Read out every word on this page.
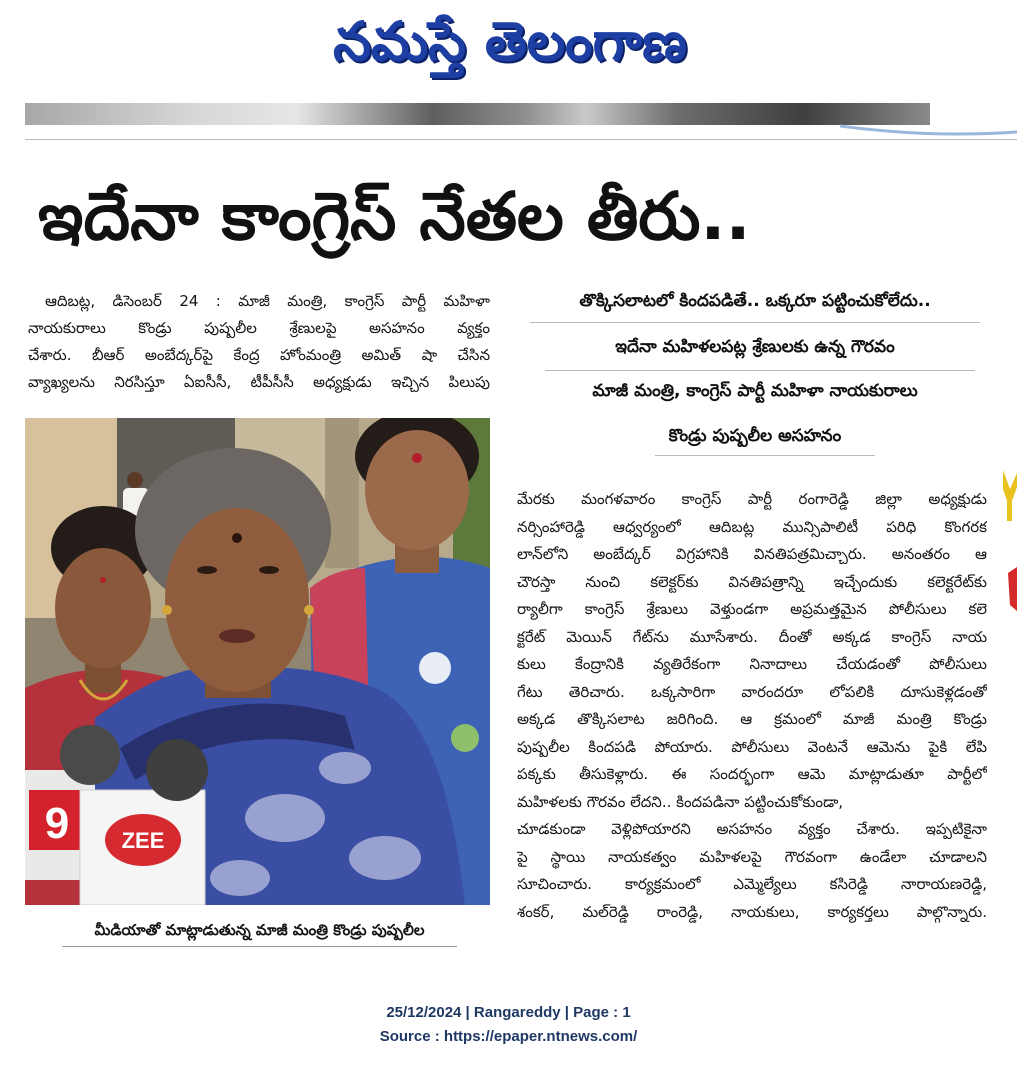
నమస్తే తెలంగాణ
ఇదేనా కాంగ్రెస్ నేతల తీరు..
ఆదిబట్ల, డిసెంబర్ 24 : మాజీ మంత్రి, కాంగ్రెస్ పార్టీ మహిళా
నాయకురాలు కొండ్రు పుష్పలీల శ్రేణులపై అసహనం వ్యక్తం
చేశారు. బీఆర్ అంబేద్కర్‌పై కేంద్ర హోంమంత్రి అమిత్ షా చేసిన
వ్యాఖ్యలను నిరసిస్తూ ఏఐసీసీ, టీపీసీసీ అధ్యక్షుడు ఇచ్చిన పిలుపు
తొక్కిసలాటలో కిందపడితే.. ఒక్కరూ పట్టించుకోలేదు..
ఇదేనా మహిళలపట్ల శ్రేణులకు ఉన్న గౌరవం
మాజీ మంత్రి, కాంగ్రెస్ పార్టీ మహిళా నాయకురాలు
కొండ్రు పుష్పలీల అసహనం
9 ZEE
మీడియాతో మాట్లాడుతున్న మాజీ మంత్రి కొండ్రు పుష్పలీల
మేరకు మంగళవారం కాంగ్రెస్ పార్టీ రంగారెడ్డి జిల్లా అధ్యక్షుడు
నర్సింహారెడ్డి ఆధ్వర్యంలో ఆదిబట్ల మున్సిపాలిటీ పరిధి కొంగరక
లాన్‌లోని అంబేద్కర్ విగ్రహానికి వినతిపత్రమిచ్చారు. అనంతరం ఆ
చౌరస్తా నుంచి కలెక్టర్‌కు వినతిపత్రాన్ని ఇచ్చేందుకు కలెక్టరేట్‌కు
ర్యాలీగా కాంగ్రెస్ శ్రేణులు వెళ్తుండగా అప్రమత్తమైన పోలీసులు కలె
క్టరేట్ మెయిన్ గేట్‌ను మూసేశారు. దీంతో అక్కడ కాంగ్రెస్ నాయ
కులు కేంద్రానికి వ్యతిరేకంగా నినాదాలు చేయడంతో పోలీసులు
గేటు తెరిచారు. ఒక్కసారిగా వారందరూ లోపలికి దూసుకెళ్లడంతో
అక్కడ తొక్కిసలాట జరిగింది. ఆ క్రమంలో మాజీ మంత్రి కొండ్రు
పుష్పలీల కిందపడి పోయారు. పోలీసులు వెంటనే ఆమెను పైకి లేపి
పక్కకు తీసుకెళ్లారు. ఈ సందర్భంగా ఆమె మాట్లాడుతూ పార్టీలో
మహిళలకు గౌరవం లేదని.. కిందపడినా పట్టించుకోకుండా,
చూడకుండా వెళ్లిపోయారని అసహనం వ్యక్తం చేశారు. ఇప్పటికైనా
పై స్థాయి నాయకత్వం మహిళలపై గౌరవంగా ఉండేలా చూడాలని
సూచించారు. కార్యక్రమంలో ఎమ్మెల్యేలు కసిరెడ్డి నారాయణరెడ్డి,
శంకర్, మల్‌రెడ్డి రాంరెడ్డి, నాయకులు, కార్యకర్తలు పాల్గొన్నారు.
25/12/2024 | Rangareddy | Page : 1
Source : https://epaper.ntnews.com/
